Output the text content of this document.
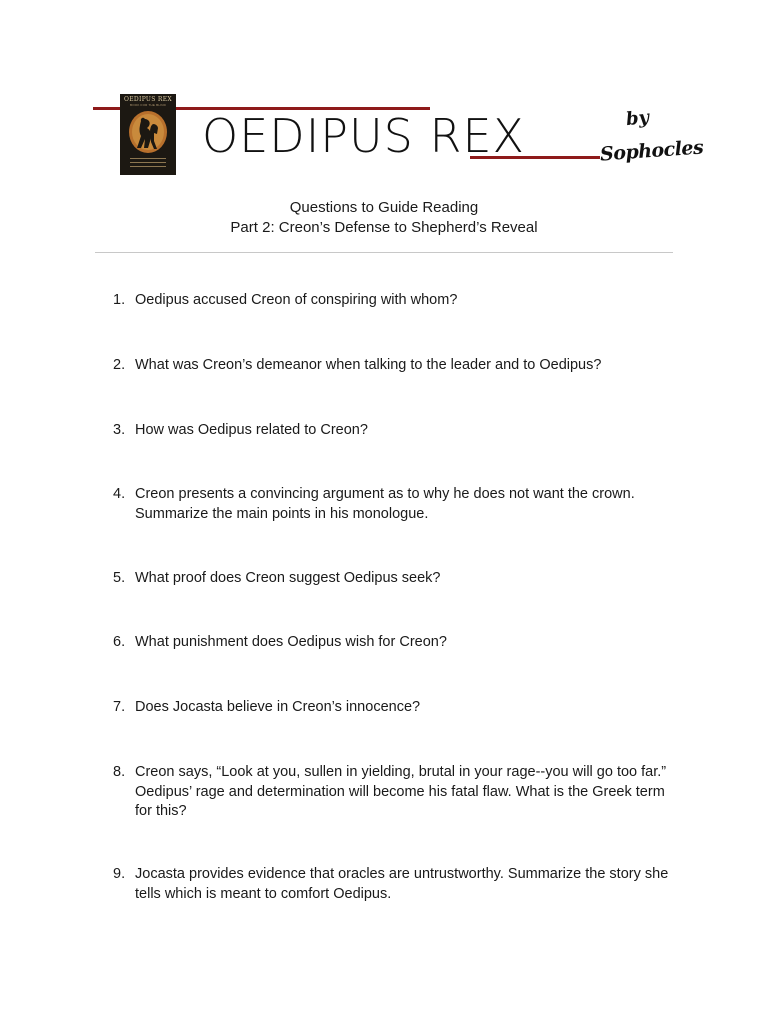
OEDIPUS REX
BOOK FOR THE BLIND
OEDIPUS REX	by
Sophocles
Questions to Guide Reading
Part 2: Creon’s Defense to Shepherd’s Reveal
1. Oedipus accused Creon of conspiring with whom?
2. What was Creon’s demeanor when talking to the leader and to Oedipus?
3. How was Oedipus related to Creon?
4. Creon presents a convincing argument as to why he does not want the crown. Summarize the main points in his monologue.
5. What proof does Creon suggest Oedipus seek?
6. What punishment does Oedipus wish for Creon?
7. Does Jocasta believe in Creon’s innocence?
8. Creon says, “Look at you, sullen in yielding, brutal in your rage--you will go too far.” Oedipus’ rage and determination will become his fatal flaw. What is the Greek term for this?
9. Jocasta provides evidence that oracles are untrustworthy. Summarize the story she tells which is meant to comfort Oedipus.
